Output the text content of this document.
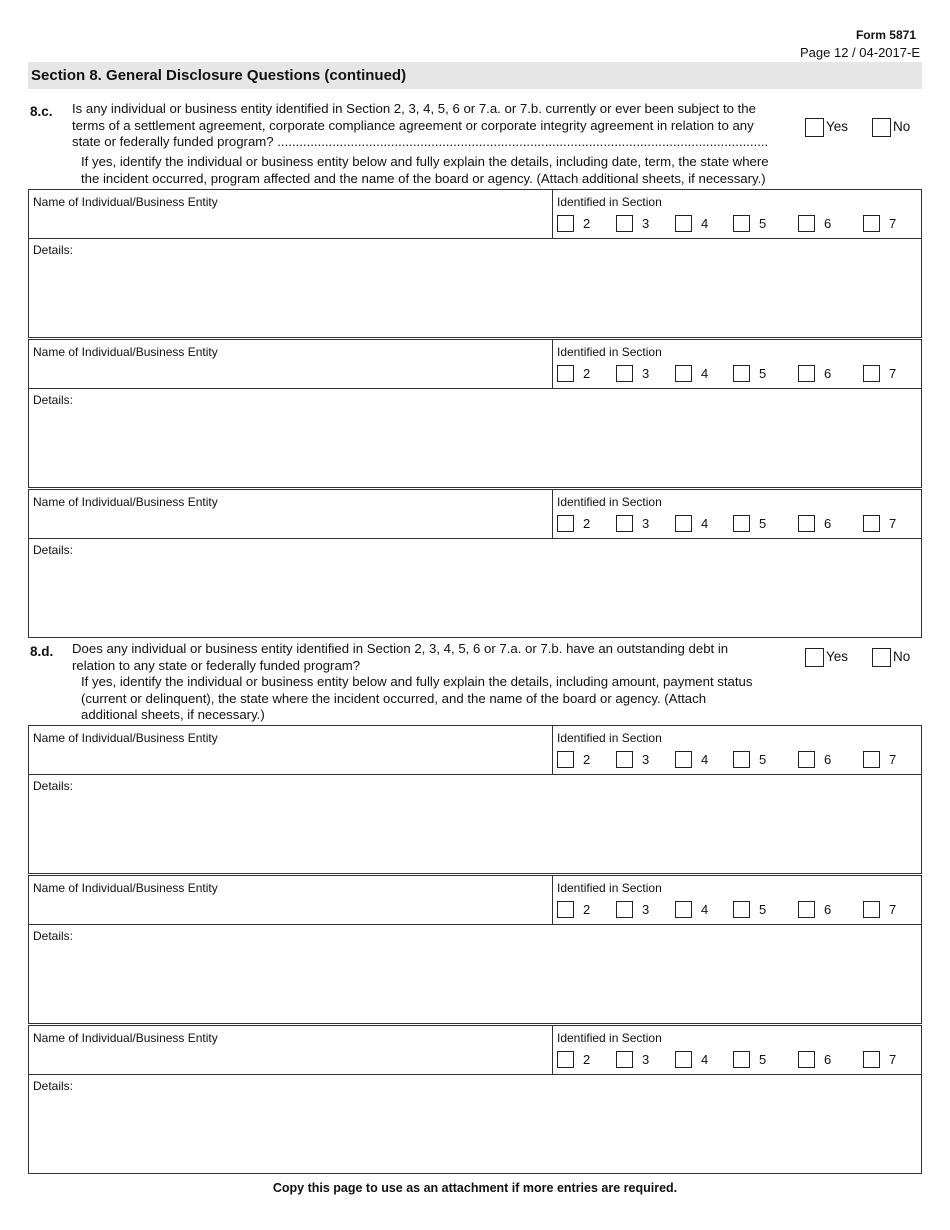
Form 5871
Page 12 / 04-2017-E
Section 8. General Disclosure Questions (continued)
8.c. Is any individual or business entity identified in Section 2, 3, 4, 5, 6 or 7.a. or 7.b. currently or ever been subject to the
terms of a settlement agreement, corporate compliance agreement or corporate integrity agreement in relation to any
state or federally funded program? ......................................................................................................................................
If yes, identify the individual or business entity below and fully explain the details, including date, term, the state where
the incident occurred, program affected and the name of the board or agency. (Attach additional sheets, if necessary.)
Yes	No
Name of Individual/Business Entity	Identified in Section
2	3	4	5	6	7
Details:
Name of Individual/Business Entity	Identified in Section
2	3	4	5	6	7
Details:
Name of Individual/Business Entity	Identified in Section
2	3	4	5	6	7
Details:
8.d. Does any individual or business entity identified in Section 2, 3, 4, 5, 6 or 7.a. or 7.b. have an outstanding debt in
relation to any state or federally funded program?
If yes, identify the individual or business entity below and fully explain the details, including amount, payment status
(current or delinquent), the state where the incident occurred, and the name of the board or agency. (Attach
additional sheets, if necessary.)
Yes	No
Name of Individual/Business Entity	Identified in Section
2	3	4	5	6	7
Details:
Name of Individual/Business Entity	Identified in Section
2	3	4	5	6	7
Details:
Name of Individual/Business Entity	Identified in Section
2	3	4	5	6	7
Details:
Copy this page to use as an attachment if more entries are required.
